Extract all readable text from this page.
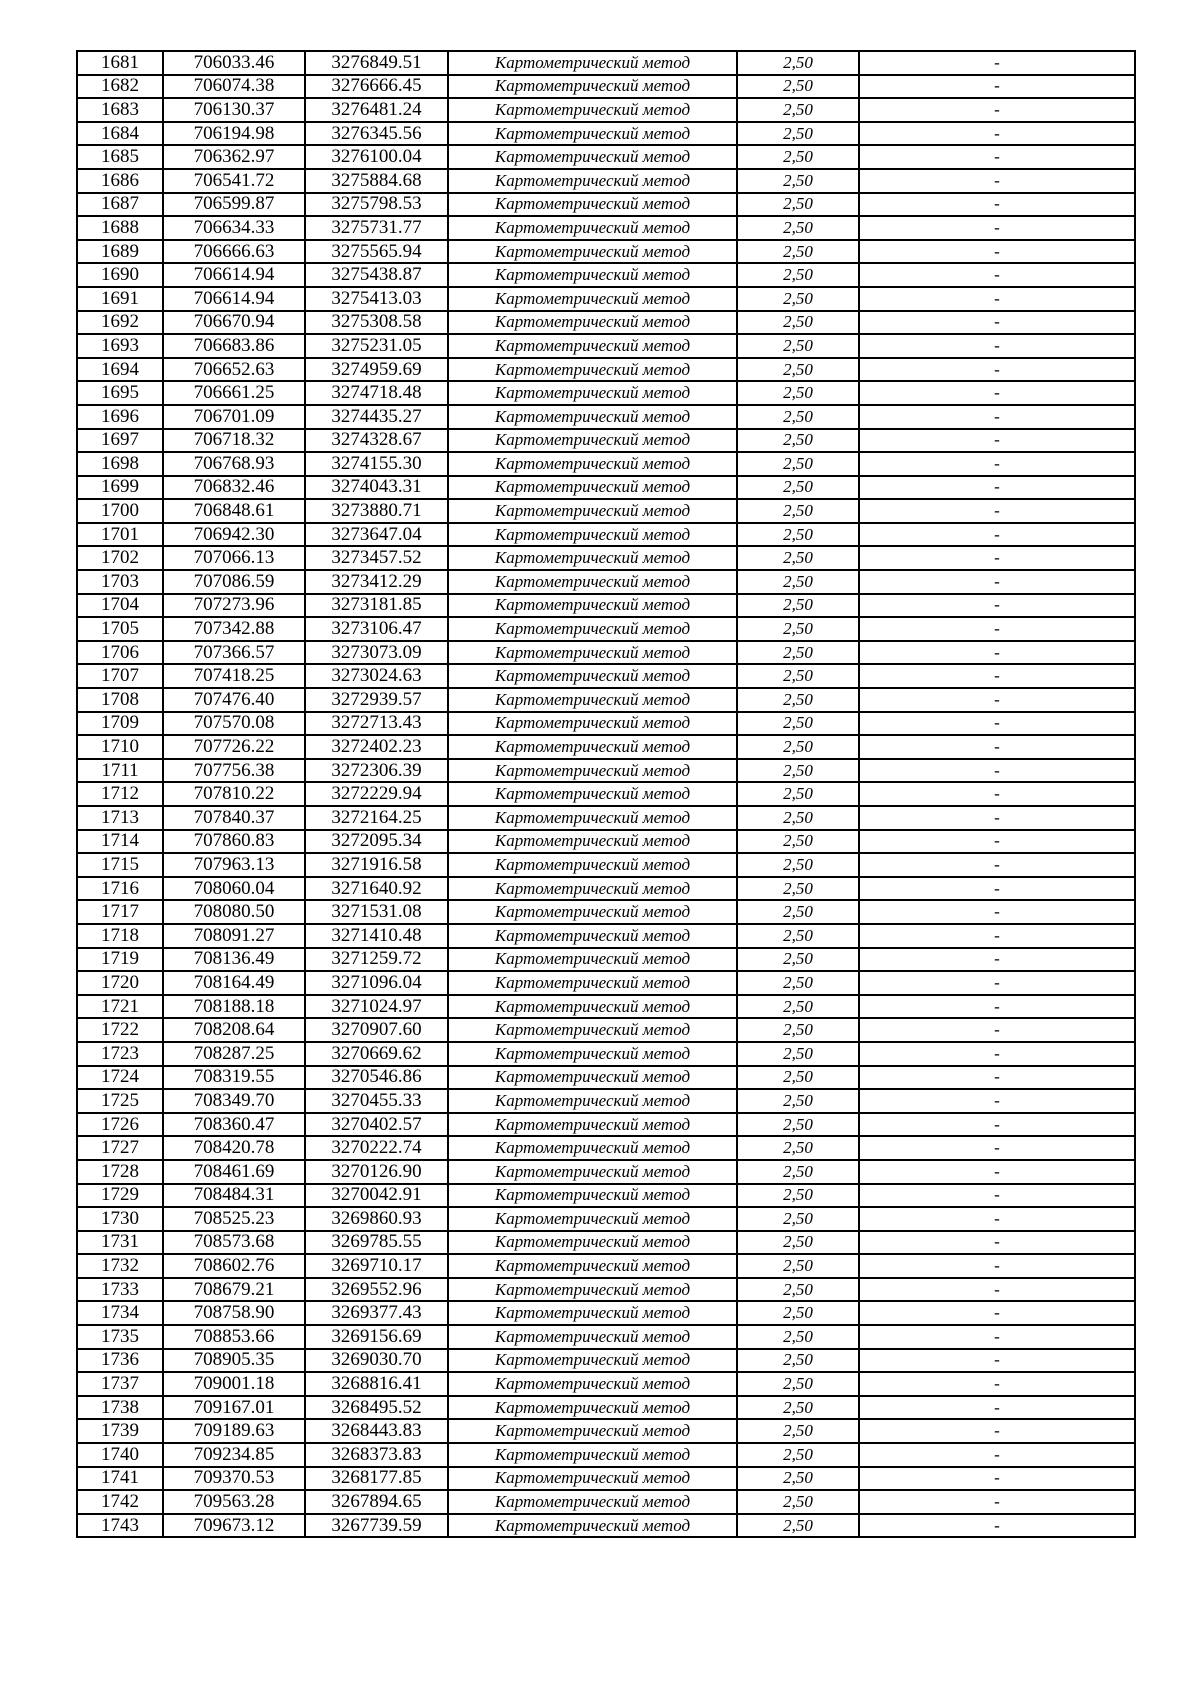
1681	706033.46	3276849.51	Картометрический метод	2,50	-
1682	706074.38	3276666.45	Картометрический метод	2,50	-
1683	706130.37	3276481.24	Картометрический метод	2,50	-
1684	706194.98	3276345.56	Картометрический метод	2,50	-
1685	706362.97	3276100.04	Картометрический метод	2,50	-
1686	706541.72	3275884.68	Картометрический метод	2,50	-
1687	706599.87	3275798.53	Картометрический метод	2,50	-
1688	706634.33	3275731.77	Картометрический метод	2,50	-
1689	706666.63	3275565.94	Картометрический метод	2,50	-
1690	706614.94	3275438.87	Картометрический метод	2,50	-
1691	706614.94	3275413.03	Картометрический метод	2,50	-
1692	706670.94	3275308.58	Картометрический метод	2,50	-
1693	706683.86	3275231.05	Картометрический метод	2,50	-
1694	706652.63	3274959.69	Картометрический метод	2,50	-
1695	706661.25	3274718.48	Картометрический метод	2,50	-
1696	706701.09	3274435.27	Картометрический метод	2,50	-
1697	706718.32	3274328.67	Картометрический метод	2,50	-
1698	706768.93	3274155.30	Картометрический метод	2,50	-
1699	706832.46	3274043.31	Картометрический метод	2,50	-
1700	706848.61	3273880.71	Картометрический метод	2,50	-
1701	706942.30	3273647.04	Картометрический метод	2,50	-
1702	707066.13	3273457.52	Картометрический метод	2,50	-
1703	707086.59	3273412.29	Картометрический метод	2,50	-
1704	707273.96	3273181.85	Картометрический метод	2,50	-
1705	707342.88	3273106.47	Картометрический метод	2,50	-
1706	707366.57	3273073.09	Картометрический метод	2,50	-
1707	707418.25	3273024.63	Картометрический метод	2,50	-
1708	707476.40	3272939.57	Картометрический метод	2,50	-
1709	707570.08	3272713.43	Картометрический метод	2,50	-
1710	707726.22	3272402.23	Картометрический метод	2,50	-
1711	707756.38	3272306.39	Картометрический метод	2,50	-
1712	707810.22	3272229.94	Картометрический метод	2,50	-
1713	707840.37	3272164.25	Картометрический метод	2,50	-
1714	707860.83	3272095.34	Картометрический метод	2,50	-
1715	707963.13	3271916.58	Картометрический метод	2,50	-
1716	708060.04	3271640.92	Картометрический метод	2,50	-
1717	708080.50	3271531.08	Картометрический метод	2,50	-
1718	708091.27	3271410.48	Картометрический метод	2,50	-
1719	708136.49	3271259.72	Картометрический метод	2,50	-
1720	708164.49	3271096.04	Картометрический метод	2,50	-
1721	708188.18	3271024.97	Картометрический метод	2,50	-
1722	708208.64	3270907.60	Картометрический метод	2,50	-
1723	708287.25	3270669.62	Картометрический метод	2,50	-
1724	708319.55	3270546.86	Картометрический метод	2,50	-
1725	708349.70	3270455.33	Картометрический метод	2,50	-
1726	708360.47	3270402.57	Картометрический метод	2,50	-
1727	708420.78	3270222.74	Картометрический метод	2,50	-
1728	708461.69	3270126.90	Картометрический метод	2,50	-
1729	708484.31	3270042.91	Картометрический метод	2,50	-
1730	708525.23	3269860.93	Картометрический метод	2,50	-
1731	708573.68	3269785.55	Картометрический метод	2,50	-
1732	708602.76	3269710.17	Картометрический метод	2,50	-
1733	708679.21	3269552.96	Картометрический метод	2,50	-
1734	708758.90	3269377.43	Картометрический метод	2,50	-
1735	708853.66	3269156.69	Картометрический метод	2,50	-
1736	708905.35	3269030.70	Картометрический метод	2,50	-
1737	709001.18	3268816.41	Картометрический метод	2,50	-
1738	709167.01	3268495.52	Картометрический метод	2,50	-
1739	709189.63	3268443.83	Картометрический метод	2,50	-
1740	709234.85	3268373.83	Картометрический метод	2,50	-
1741	709370.53	3268177.85	Картометрический метод	2,50	-
1742	709563.28	3267894.65	Картометрический метод	2,50	-
1743	709673.12	3267739.59	Картометрический метод	2,50	-
